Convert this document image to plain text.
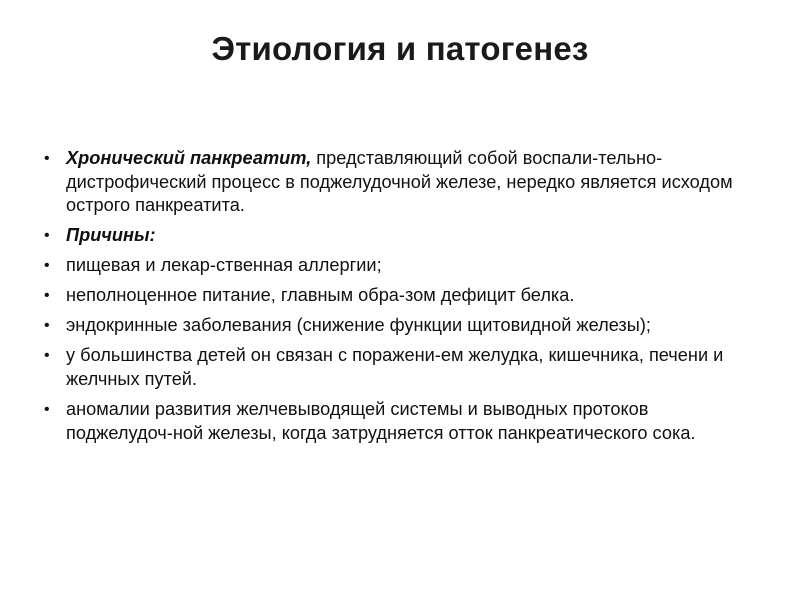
Этиология и патогенез
• Хронический панкреатит, представляющий собой воспали-тельно-дистрофический процесс в поджелудочной железе, нередко является исходом острого панкреатита.
• Причины:
• пищевая и лекар-ственная аллергии;
• неполноценное питание, главным обра-зом дефицит белка.
• эндокринные заболевания (снижение функции щитовидной железы);
• у большинства детей он связан с поражени-ем желудка, кишечника, печени и желчных путей.
• аномалии развития желчевыводящей системы и выводных протоков поджелудоч-ной железы, когда затрудняется отток панкреатического сока.
